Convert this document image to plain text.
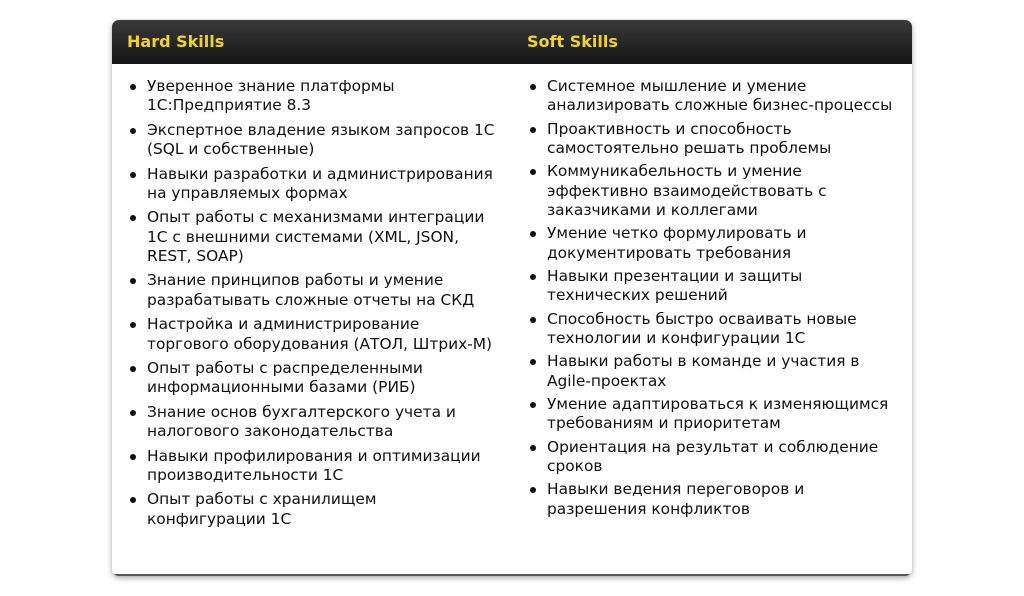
Hard Skills	Soft Skills
Уверенное знание платформы 1С:Предприятие 8.3
Экспертное владение языком запросов 1С (SQL и собственные)
Навыки разработки и администрирования на управляемых формах
Опыт работы с механизмами интеграции 1С с внешними системами (XML, JSON, REST, SOAP)
Знание принципов работы и умение разрабатывать сложные отчеты на СКД
Настройка и администрирование торгового оборудования (АТОЛ, Штрих-М)
Опыт работы с распределенными информационными базами (РИБ)
Знание основ бухгалтерского учета и налогового законодательства
Навыки профилирования и оптимизации производительности 1С
Опыт работы с хранилищем конфигурации 1С
Системное мышление и умение анализировать сложные бизнес-процессы
Проактивность и способность самостоятельно решать проблемы
Коммуникабельность и умение эффективно взаимодействовать с заказчиками и коллегами
Умение четко формулировать и документировать требования
Навыки презентации и защиты технических решений
Способность быстро осваивать новые технологии и конфигурации 1С
Навыки работы в команде и участия в Agile-проектах
Умение адаптироваться к изменяющимся требованиям и приоритетам
Ориентация на результат и соблюдение сроков
Навыки ведения переговоров и разрешения конфликтов
